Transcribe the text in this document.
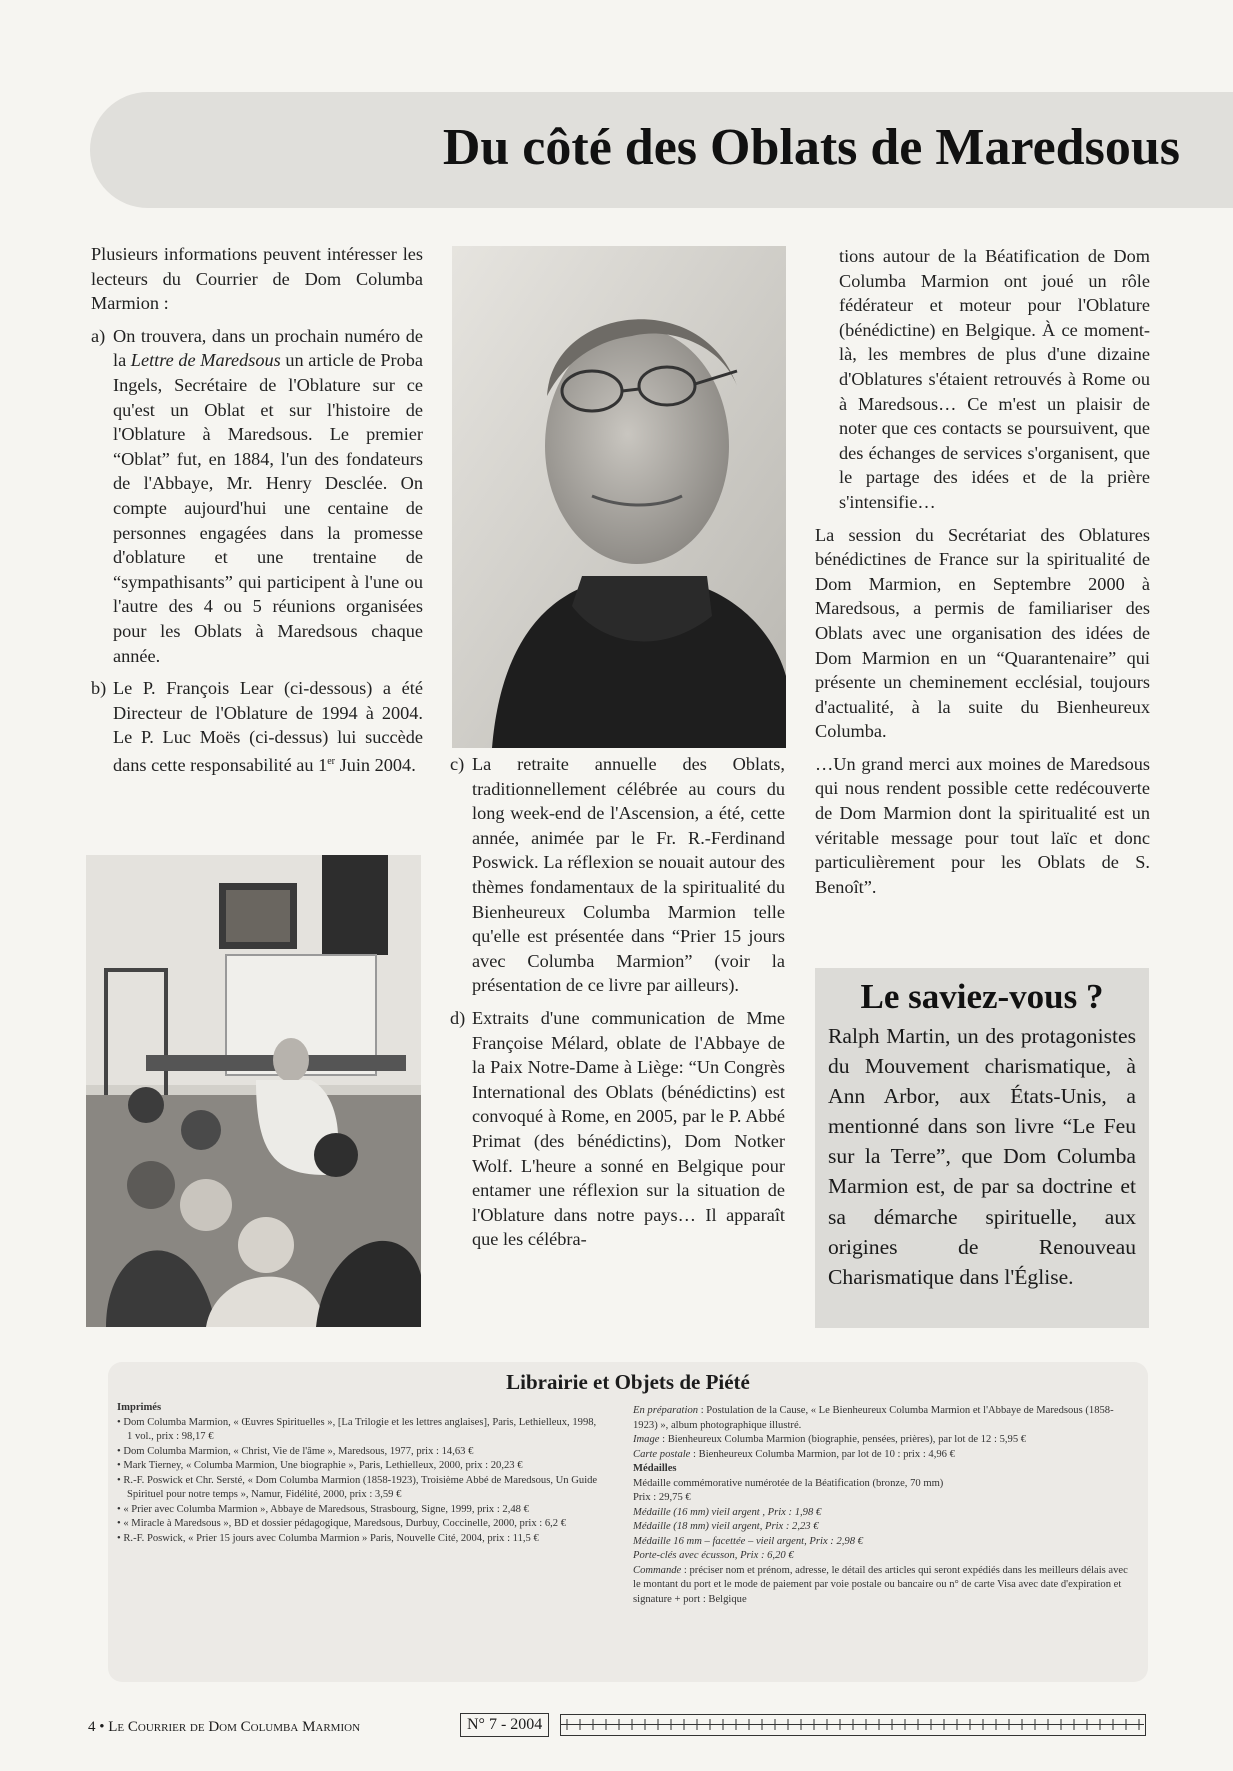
Du côté des Oblats de Maredsous

Plusieurs informations peuvent intéresser les lecteurs du Courrier de Dom Columba Marmion :

a) On trouvera, dans un prochain numéro de la Lettre de Maredsous un article de Proba Ingels, Secrétaire de l'Oblature sur ce qu'est un Oblat et sur l'histoire de l'Oblature à Maredsous. Le premier “Oblat” fut, en 1884, l'un des fondateurs de l'Abbaye, Mr. Henry Desclée. On compte aujourd'hui une centaine de personnes engagées dans la promesse d'oblature et une trentaine de “sympathisants” qui participent à l'une ou l'autre des 4 ou 5 réunions organisées pour les Oblats à Maredsous chaque année.

b) Le P. François Lear (ci-dessous) a été Directeur de l'Oblature de 1994 à 2004. Le P. Luc Moës (ci-dessus) lui succède dans cette responsabilité au 1er Juin 2004.	c) La retraite annuelle des Oblats, traditionnellement célébrée au cours du long week-end de l'Ascension, a été, cette année, animée par le Fr. R.-Ferdinand Poswick. La réflexion se nouait autour des thèmes fondamentaux de la spiritualité du Bienheureux Columba Marmion telle qu'elle est présentée dans “Prier 15 jours avec Columba Marmion” (voir la présentation de ce livre par ailleurs).

d) Extraits d'une communication de Mme Françoise Mélard, oblate de l'Abbaye de la Paix Notre-Dame à Liège: “Un Congrès International des Oblats (bénédictins) est convoqué à Rome, en 2005, par le P. Abbé Primat (des bénédictins), Dom Notker Wolf. L'heure a sonné en Belgique pour entamer une réflexion sur la situation de l'Oblature dans notre pays… Il apparaît que les célébra-

tions autour de la Béatification de Dom Columba Marmion ont joué un rôle fédérateur et moteur pour l'Oblature (bénédictine) en Belgique. À ce moment-là, les membres de plus d'une dizaine d'Oblatures s'étaient retrouvés à Rome ou à Maredsous… Ce m'est un plaisir de noter que ces contacts se poursuivent, que des échanges de services s'organisent, que le partage des idées et de la prière s'intensifie…

La session du Secrétariat des Oblatures bénédictines de France sur la spiritualité de Dom Marmion, en Septembre 2000 à Maredsous, a permis de familiariser des Oblats avec une organisation des idées de Dom Marmion en un “Quarantenaire” qui présente un cheminement ecclésial, toujours d'actualité, à la suite du Bienheureux Columba.

…Un grand merci aux moines de Maredsous qui nous rendent possible cette redécouverte de Dom Marmion dont la spiritualité est un véritable message pour tout laïc et donc particulièrement pour les Oblats de S. Benoît”.

Le saviez-vous ?
Ralph Martin, un des protagonistes du Mouvement charismatique, à Ann Arbor, aux États-Unis, a mentionné dans son livre “Le Feu sur la Terre”, que Dom Columba Marmion est, de par sa doctrine et sa démarche spirituelle, aux origines de Renouveau Charismatique dans l'Église.
Librairie et Objets de Piété
Imprimés
• Dom Columba Marmion, « Œuvres Spirituelles », [La Trilogie et les lettres anglaises], Paris, Lethielleux, 1998, 1 vol., prix : 98,17 €
• Dom Columba Marmion, « Christ, Vie de l'âme », Maredsous, 1977, prix : 14,63 €
• Mark Tierney, « Columba Marmion, Une biographie », Paris, Lethielleux, 2000, prix : 20,23 €
• R.-F. Poswick et Chr. Sersté, « Dom Columba Marmion (1858-1923), Troisième Abbé de Maredsous, Un Guide Spirituel pour notre temps », Namur, Fidélité, 2000, prix : 3,59 €
• « Prier avec Columba Marmion », Abbaye de Maredsous, Strasbourg, Signe, 1999, prix : 2,48 €
• « Miracle à Maredsous », BD et dossier pédagogique, Maredsous, Durbuy, Coccinelle, 2000, prix : 6,2 €
• R.-F. Poswick, « Prier 15 jours avec Columba Marmion » Paris, Nouvelle Cité, 2004, prix : 11,5 €
En préparation : Postulation de la Cause, « Le Bienheureux Columba Marmion et l'Abbaye de Maredsous (1858-1923) », album photographique illustré.
Image : Bienheureux Columba Marmion (biographie, pensées, prières), par lot de 12 : 5,95 €
Carte postale : Bienheureux Columba Marmion, par lot de 10 : prix : 4,96 €
Médailles
Médaille commémorative numérotée de la Béatification (bronze, 70 mm)
Prix : 29,75 €
Médaille (16 mm) vieil argent , Prix : 1,98 €
Médaille (18 mm) vieil argent, Prix : 2,23 €
Médaille 16 mm – facettée – vieil argent, Prix : 2,98 €
Porte-clés avec écusson, Prix : 6,20 €
Commande : préciser nom et prénom, adresse, le détail des articles qui seront expédiés dans les meilleurs délais avec le montant du port et le mode de paiement par voie postale ou bancaire ou n° de carte Visa avec date d'expiration et signature + port : Belgique
4 • Le Courrier de Dom Columba Marmion	N° 7 - 2004
